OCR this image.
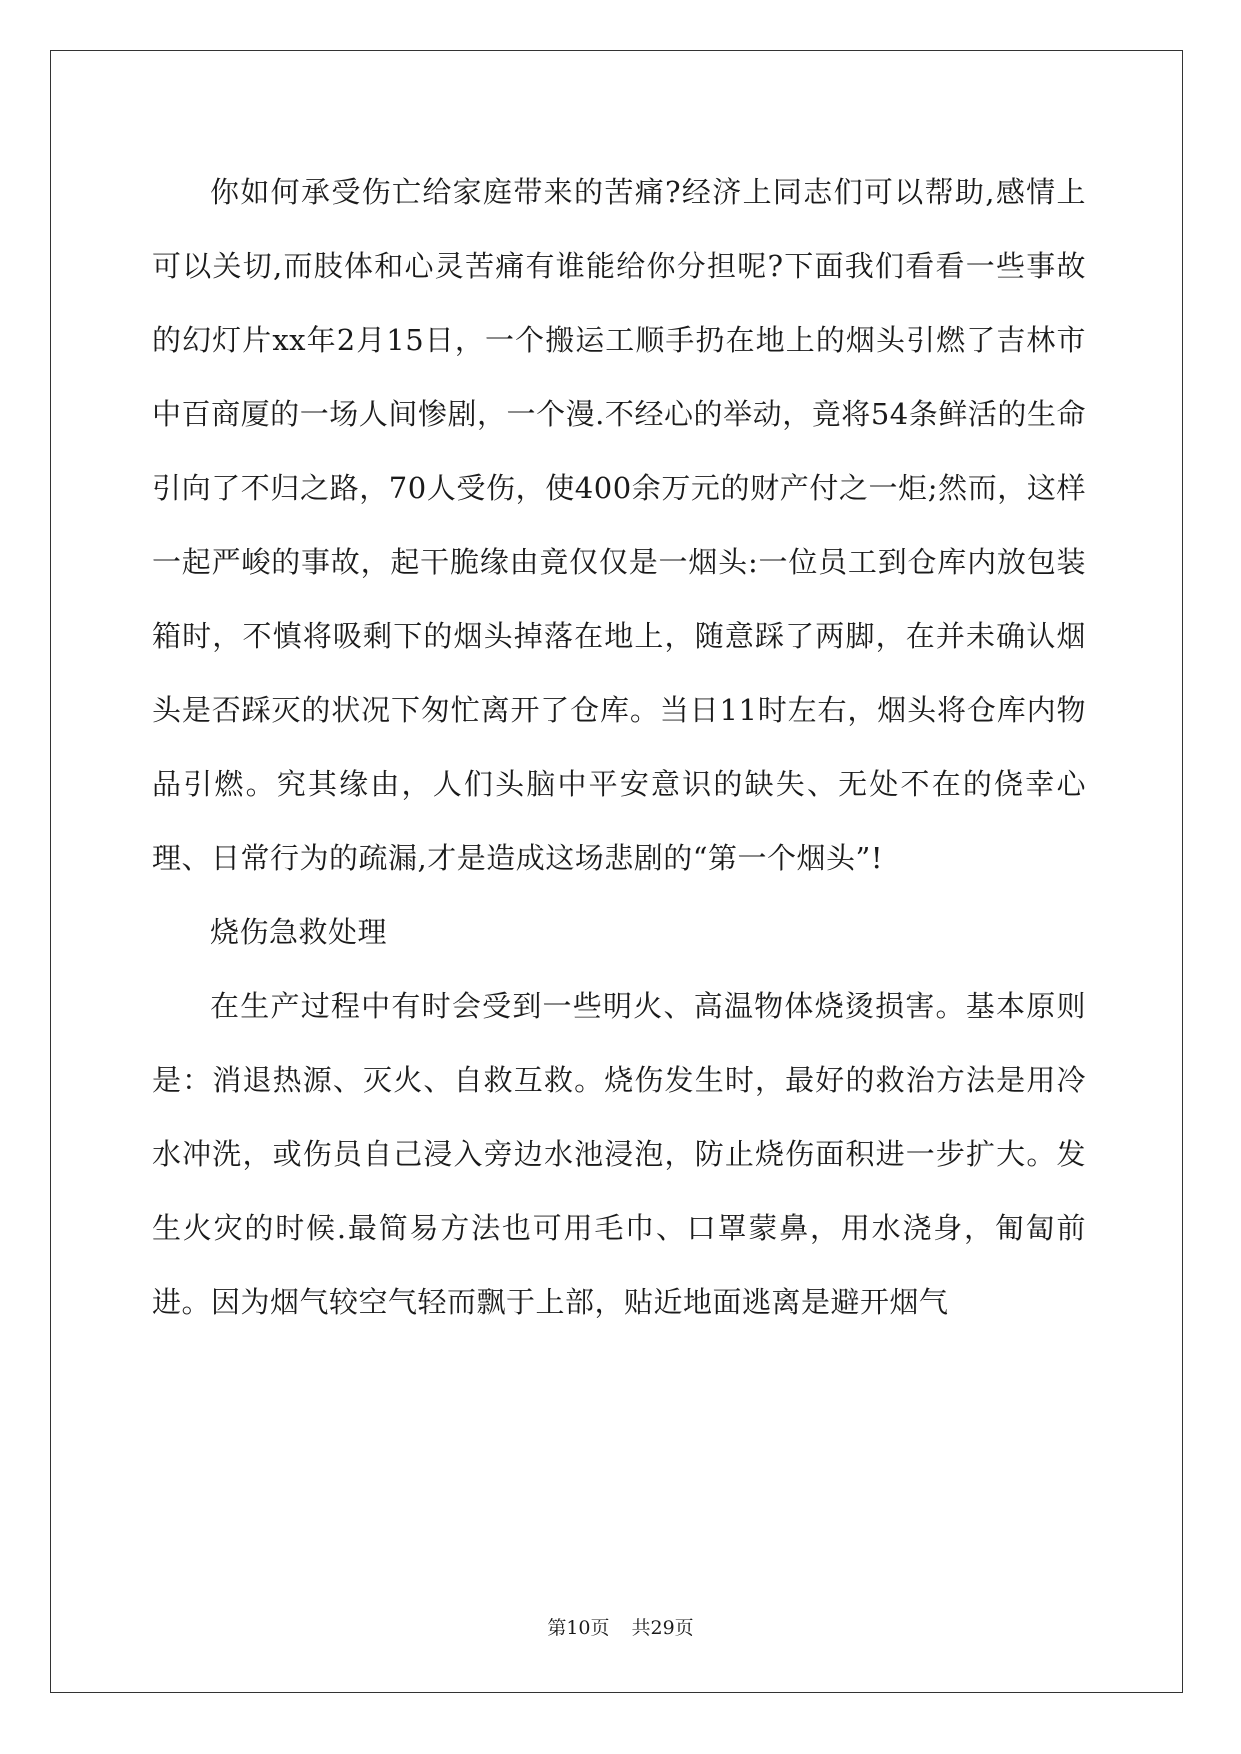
你如何承受伤亡给家庭带来的苦痛?经济上同志们可以帮助,感情上可以关切,而肢体和心灵苦痛有谁能给你分担呢?下面我们看看一些事故的幻灯片xx年2月15日，一个搬运工顺手扔在地上的烟头引燃了吉林市中百商厦的一场人间惨剧，一个漫.不经心的举动，竟将54条鲜活的生命引向了不归之路，70人受伤，使400余万元的财产付之一炬;然而，这样一起严峻的事故，起干脆缘由竟仅仅是一烟头:一位员工到仓库内放包装箱时，不慎将吸剩下的烟头掉落在地上，随意踩了两脚，在并未确认烟头是否踩灭的状况下匆忙离开了仓库。当日11时左右，烟头将仓库内物品引燃。究其缘由，人们头脑中平安意识的缺失、无处不在的侥幸心理、日常行为的疏漏,才是造成这场悲剧的“第一个烟头”!

烧伤急救处理

在生产过程中有时会受到一些明火、高温物体烧烫损害。基本原则是：消退热源、灭火、自救互救。烧伤发生时，最好的救治方法是用冷水冲洗，或伤员自己浸入旁边水池浸泡，防止烧伤面积进一步扩大。发生火灾的时候.最简易方法也可用毛巾、口罩蒙鼻，用水浇身，匍匐前进。因为烟气较空气轻而飘于上部，贴近地面逃离是避开烟气

第10页 共29页
